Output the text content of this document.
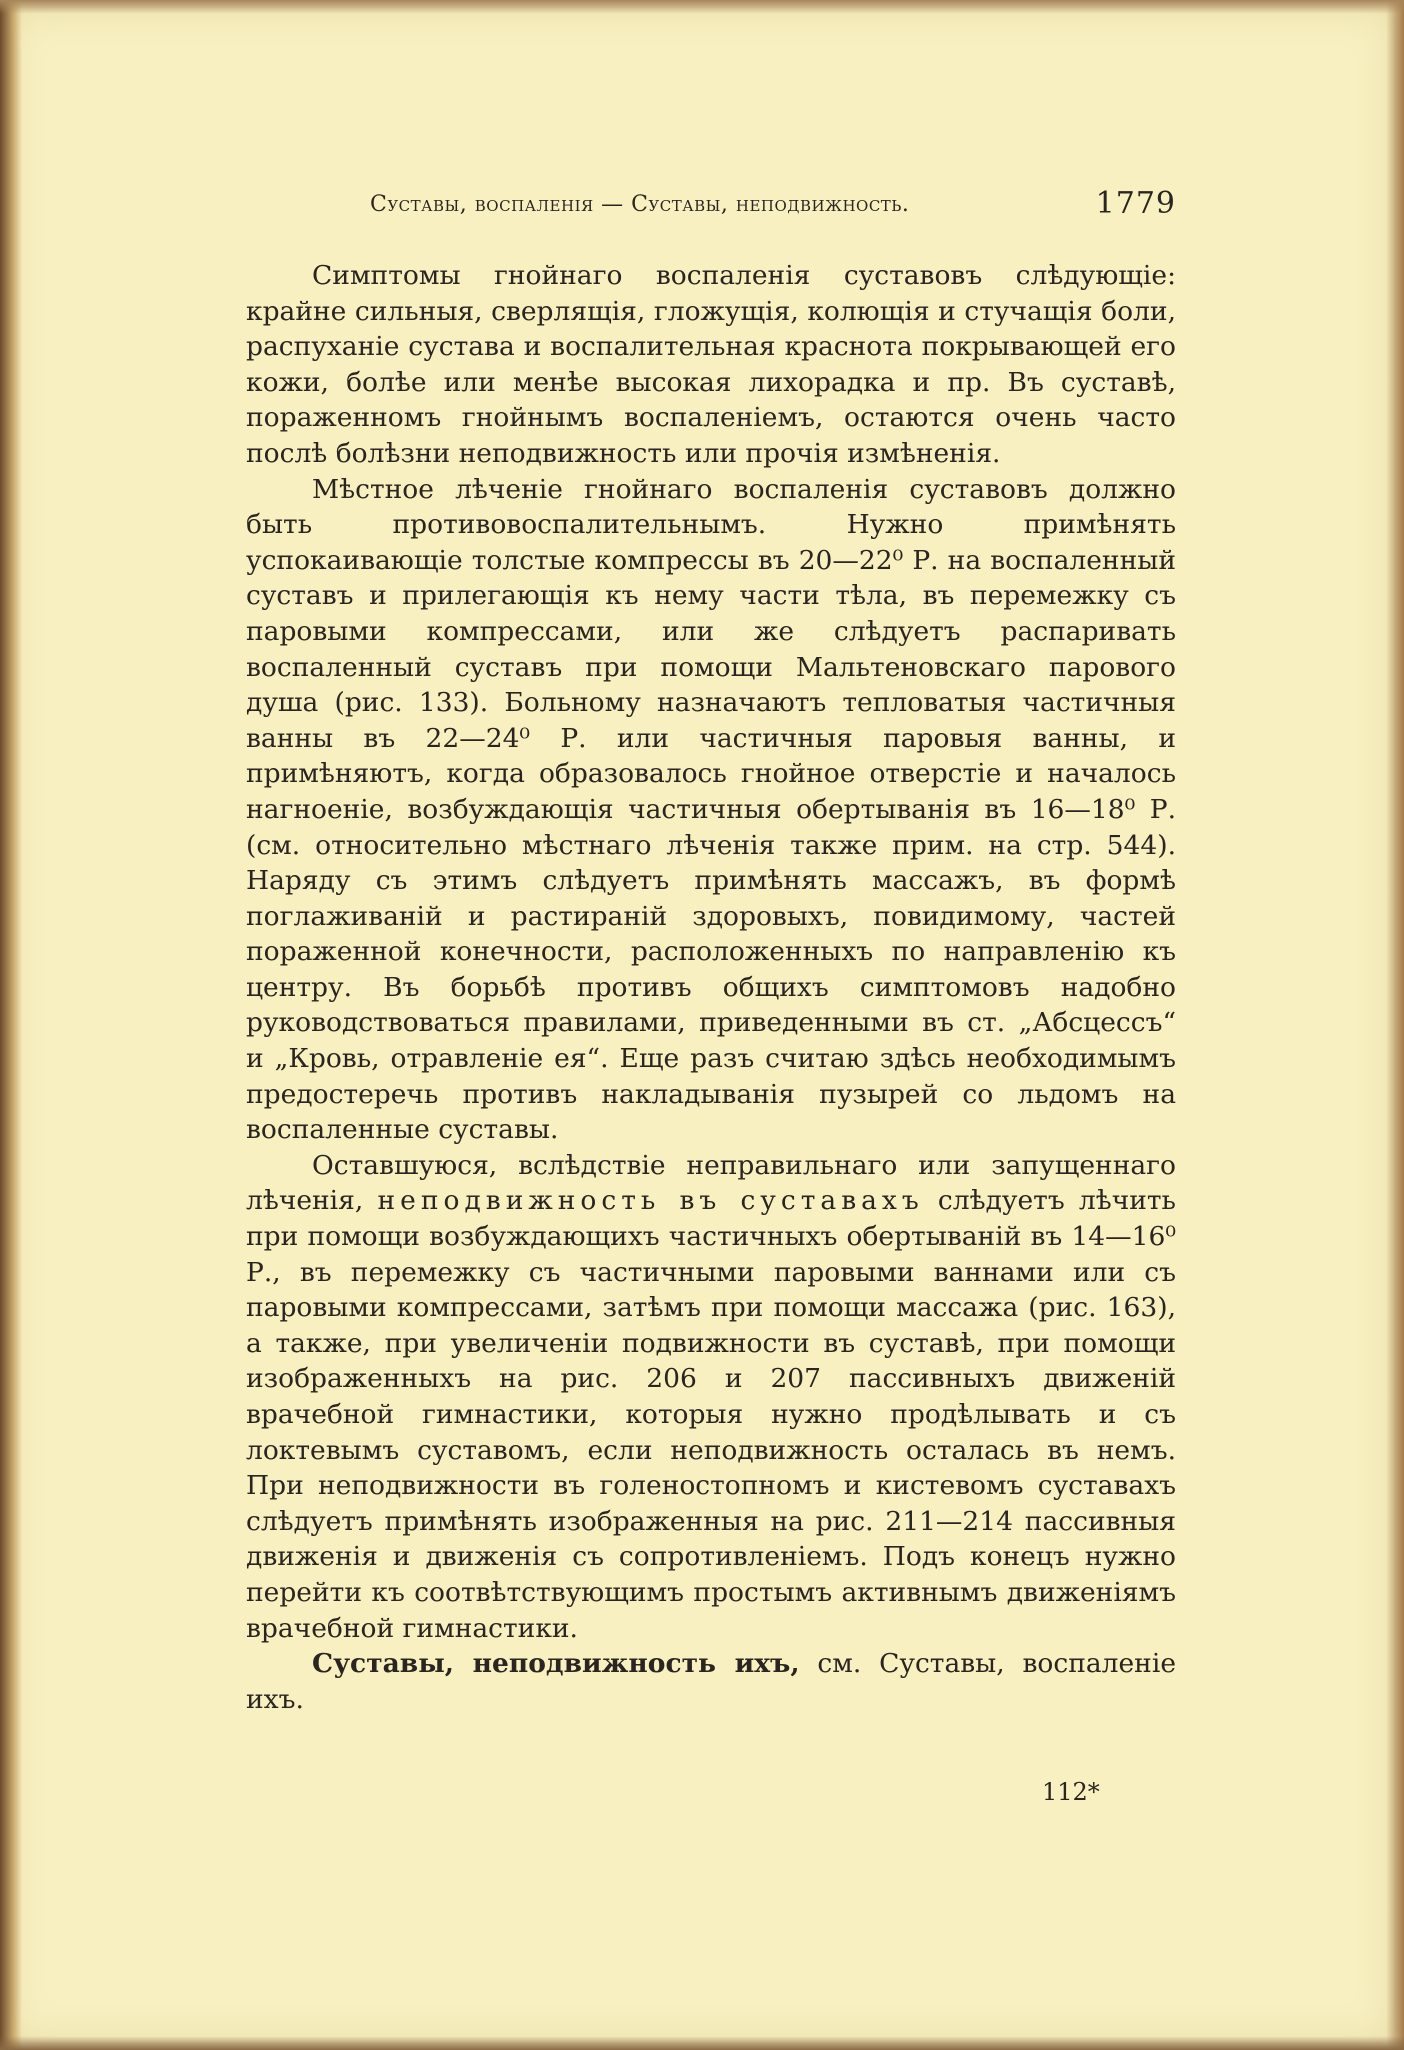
Суставы, воспаленія — Суставы, неподвижность.	1779

Симптомы гнойнаго воспаленія суставовъ слѣдующіе: крайне сильныя, сверлящія, гложущія, колющія и стучащія боли, распуханіе сустава и воспалительная краснота покрывающей его кожи, болѣе или менѣе высокая лихорадка и пр. Въ суставѣ, пораженномъ гнойнымъ воспаленіемъ, остаются очень часто послѣ болѣзни неподвижность или прочія измѣненія.

Мѣстное лѣченіе гнойнаго воспаленія суставовъ должно быть противовоспалительнымъ. Нужно примѣнять успокаивающіе толстые компрессы въ 20—22⁰ Р. на воспаленный суставъ и прилегающія къ нему части тѣла, въ перемежку съ паровыми компрессами, или же слѣдуетъ распаривать воспаленный суставъ при помощи Мальтеновскаго парового душа (рис. 133). Больному назначаютъ тепловатыя частичныя ванны въ 22—24⁰ Р. или частичныя паровыя ванны, и примѣняютъ, когда образовалось гнойное отверстіе и началось нагноеніе, возбуждающія частичныя обертыванія въ 16—18⁰ Р. (см. относительно мѣстнаго лѣченія также прим. на стр. 544). Наряду съ этимъ слѣдуетъ примѣнять массажъ, въ формѣ поглаживаній и растираній здоровыхъ, повидимому, частей пораженной конечности, расположенныхъ по направленію къ центру. Въ борьбѣ противъ общихъ симптомовъ надобно руководствоваться правилами, приведенными въ ст. „Абсцессъ“ и „Кровь, отравленіе ея“. Еще разъ считаю здѣсь необходимымъ предостеречь противъ накладыванія пузырей со льдомъ на воспаленные суставы.

Оставшуюся, вслѣдствіе неправильнаго или запущеннаго лѣченія, неподвижность въ суставахъ слѣдуетъ лѣчить при помощи возбуждающихъ частичныхъ обертываній въ 14—16⁰ Р., въ перемежку съ частичными паровыми ваннами или съ паровыми компрессами, затѣмъ при помощи массажа (рис. 163), а также, при увеличеніи подвижности въ суставѣ, при помощи изображенныхъ на рис. 206 и 207 пассивныхъ движеній врачебной гимнастики, которыя нужно продѣлывать и съ локтевымъ суставомъ, если неподвижность осталась въ немъ. При неподвижности въ голеностопномъ и кистевомъ суставахъ слѣдуетъ примѣнять изображенныя на рис. 211—214 пассивныя движенія и движенія съ сопротивленіемъ. Подъ конецъ нужно перейти къ соотвѣтствующимъ простымъ активнымъ движеніямъ врачебной гимнастики.

Суставы, неподвижность ихъ, см. Суставы, воспаленіе ихъ.

112*
